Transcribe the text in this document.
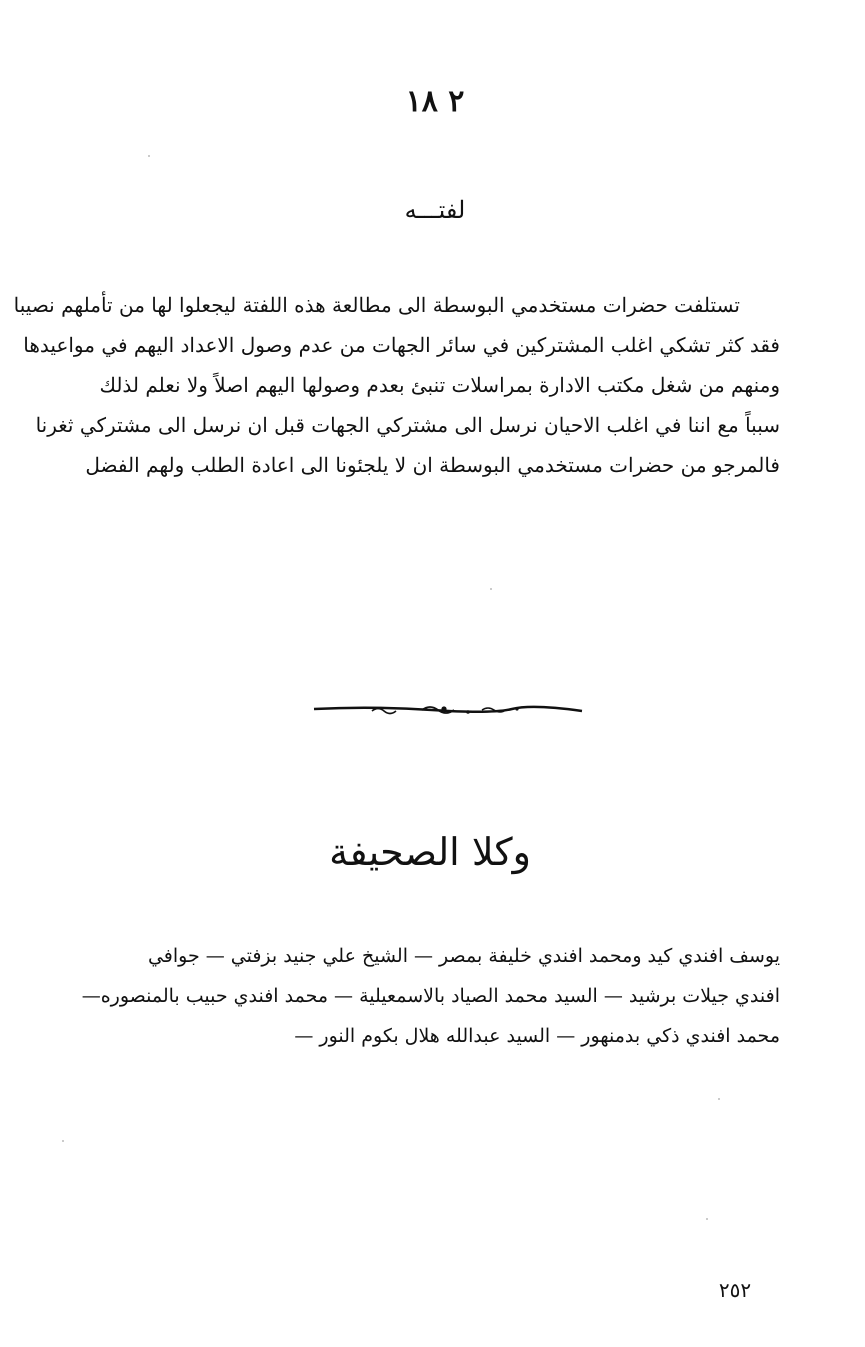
۲ ۱۸
لفتـــه
تستلفت حضرات مستخدمي البوسطة الى مطالعة هذه اللفتة ليجعلوا لها من تأملهم نصيبا
فقد كثر تشكي اغلب المشتركين في سائر الجهات من عدم وصول الاعداد اليهم في مواعيدها
ومنهم من شغل مكتب الادارة بمراسلات تنبئ بعدم وصولها اليهم اصلاً ولا نعلم لذلك
سبباً مع اننا في اغلب الاحيان نرسل الى مشتركي الجهات قبل ان نرسل الى مشتركي ثغرنا
فالمرجو من حضرات مستخدمي البوسطة ان لا يلجئونا الى اعادة الطلب ولهم الفضل
وكلا الصحيفة
يوسف افندي كيد ومحمد افندي خليفة بمصر — الشيخ علي جنيد بزفتي — جوافي
افندي جيلات برشيد — السيد محمد الصياد بالاسمعيلية — محمد افندي حبيب بالمنصوره—
محمد افندي ذكي بدمنهور — السيد عبدالله هلال بكوم النور —
٢٥٢
